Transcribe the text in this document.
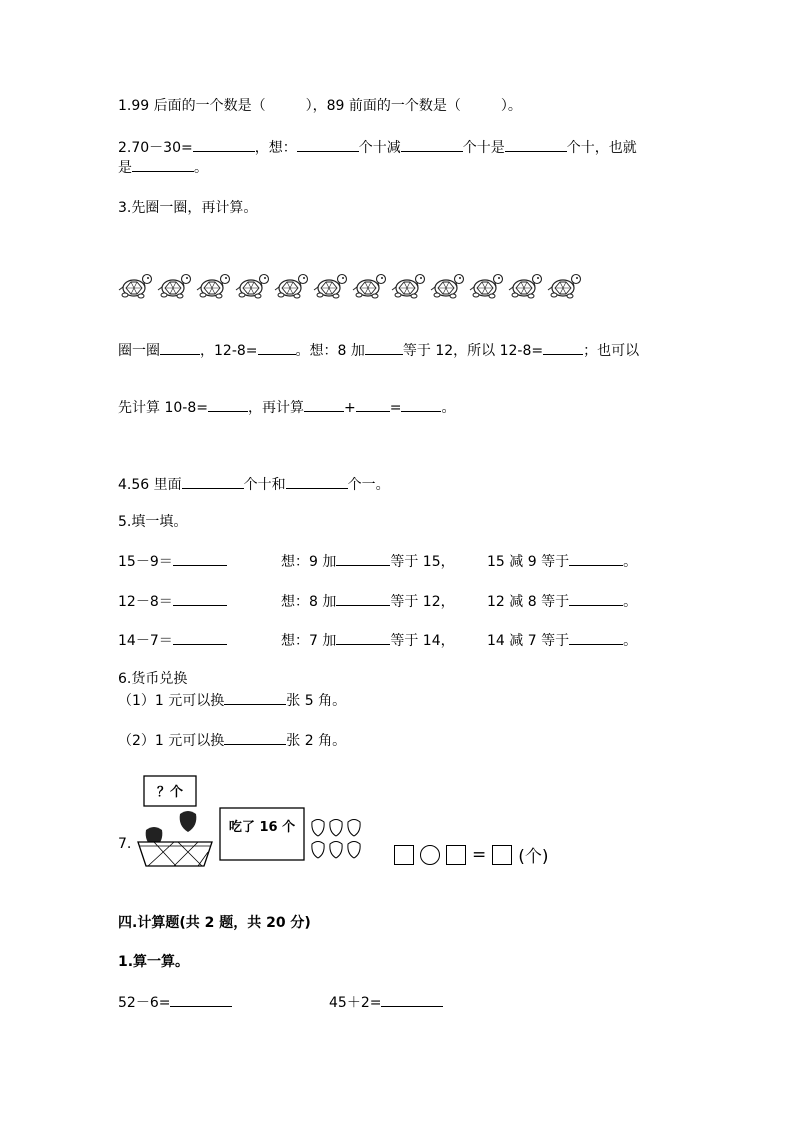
1.99 后面的一个数是（	），89 前面的一个数是（	）。
2.70－30=	，想：	个十减	个十是	个十，也就
是	。
3.先圈一圈，再计算。
圈一圈	，12-8=	。想：8 加	等于 12，所以 12-8=	；也可以
先计算 10-8=	，再计算	+ =	。
4.56 里面	个十和	个一。
5.填一填。
15－9＝	想：9 加	等于 15， 15 减 9 等于	。
12－8＝	想：8 加	等于 12， 12 减 8 等于	。
14－7＝	想：7 加	等于 14， 14 减 7 等于	。
6.货币兑换
（1）1 元可以换	张 5 角。
（2）1 元可以换	张 2 角。
7.
？个
吃了 16 个
= (个)
四.计算题(共 2 题，共 20 分)
1.算一算。
52－6=	45＋2=
